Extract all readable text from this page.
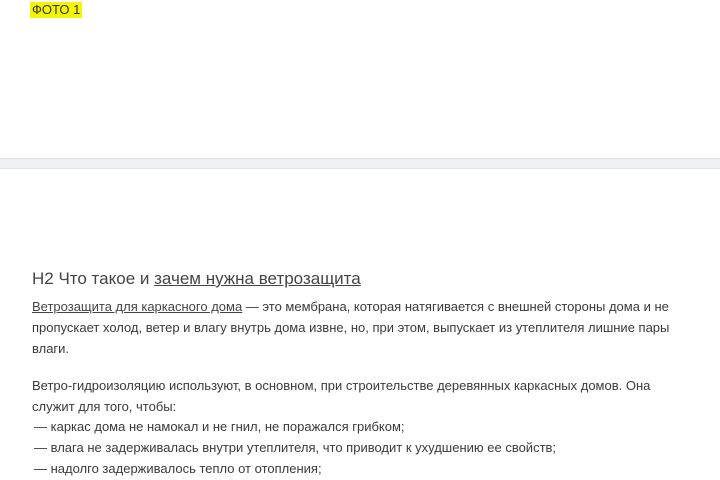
ФОТО 1
H2 Что такое и зачем нужна ветрозащита

Ветрозащита для каркасного дома — это мембрана, которая натягивается с внешней стороны дома и не пропускает холод, ветер и влагу внутрь дома извне, но, при этом, выпускает из утеплителя лишние пары влаги.

Ветро-гидроизоляцию используют, в основном, при строительстве деревянных каркасных домов. Она служит для того, чтобы:

— каркас дома не намокал и не гнил, не поражался грибком;
— влага не задерживалась внутри утеплителя, что приводит к ухудшению ее свойств;
— надолго задерживалось тепло от отопления;
